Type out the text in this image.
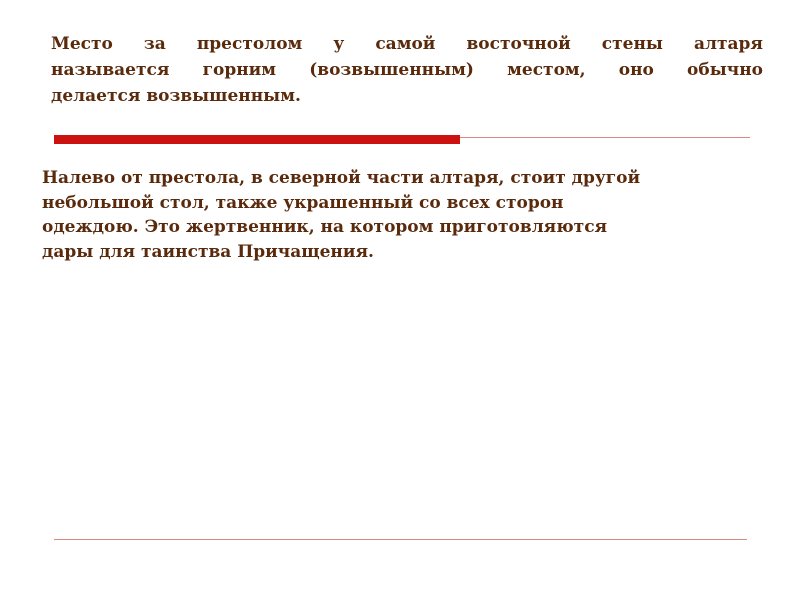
Место за престолом у самой восточной стены алтаря
называется горним (возвышенным) местом, оно обычно
делается возвышенным.

Налево от престола, в северной части алтаря, стоит другой
небольшой стол, также украшенный со всех сторон
одеждою. Это жертвенник, на котором приготовляются
дары для таинства Причащения.
